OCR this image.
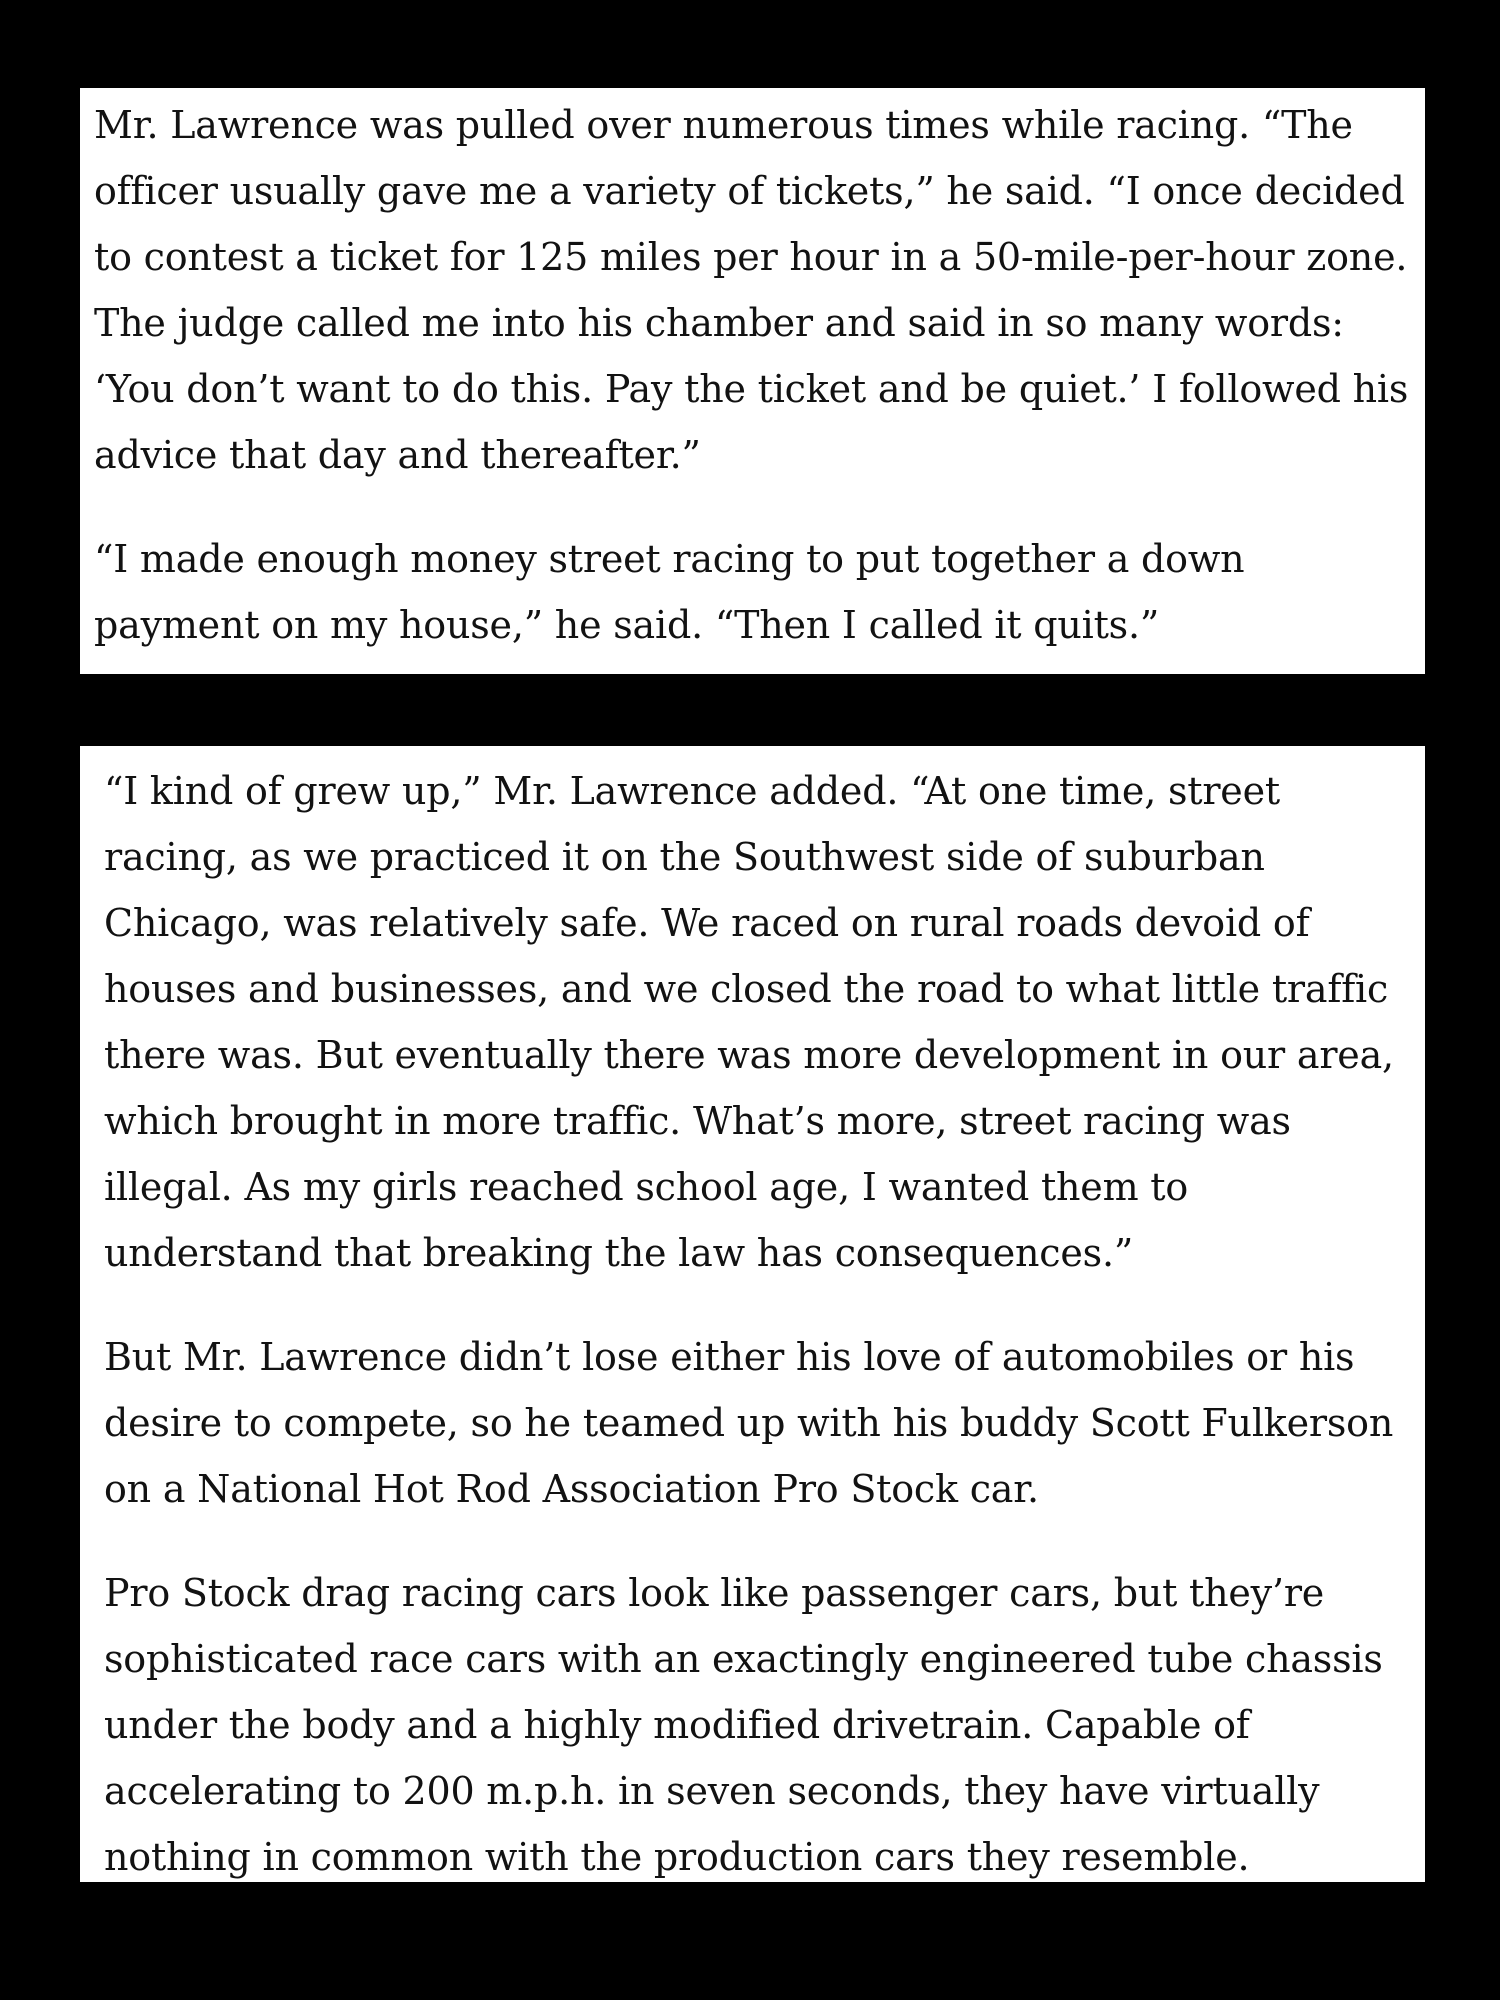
Mr. Lawrence was pulled over numerous times while racing. “The officer usually gave me a variety of tickets,” he said. “I once decided to contest a ticket for 125 miles per hour in a 50-mile-per-hour zone. The judge called me into his chamber and said in so many words: ‘You don’t want to do this. Pay the ticket and be quiet.’ I followed his advice that day and thereafter.”

“I made enough money street racing to put together a down payment on my house,” he said. “Then I called it quits.”

“I kind of grew up,” Mr. Lawrence added. “At one time, street racing, as we practiced it on the Southwest side of suburban Chicago, was relatively safe. We raced on rural roads devoid of houses and businesses, and we closed the road to what little traffic there was. But eventually there was more development in our area, which brought in more traffic. What’s more, street racing was illegal. As my girls reached school age, I wanted them to understand that breaking the law has consequences.”

But Mr. Lawrence didn’t lose either his love of automobiles or his desire to compete, so he teamed up with his buddy Scott Fulkerson on a National Hot Rod Association Pro Stock car.

Pro Stock drag racing cars look like passenger cars, but they’re sophisticated race cars with an exactingly engineered tube chassis under the body and a highly modified drivetrain. Capable of accelerating to 200 m.p.h. in seven seconds, they have virtually nothing in common with the production cars they resemble.
